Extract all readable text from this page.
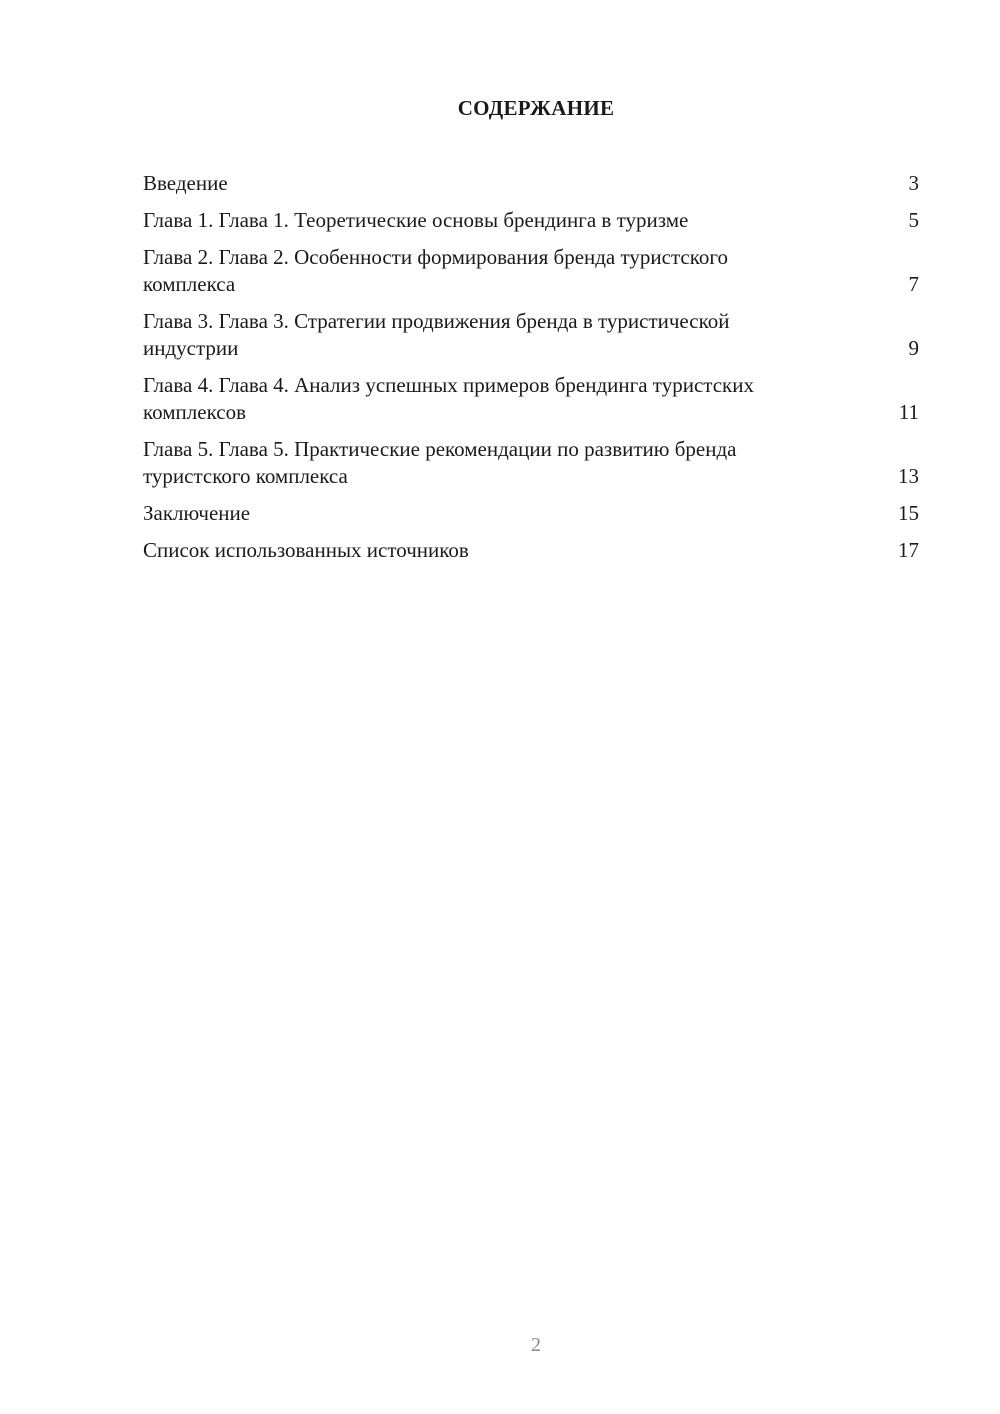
СОДЕРЖАНИЕ
Введение	3
Глава 1. Глава 1. Теоретические основы брендинга в туризме	5
Глава 2. Глава 2. Особенности формирования бренда туристского комплекса	7
Глава 3. Глава 3. Стратегии продвижения бренда в туристической индустрии	9
Глава 4. Глава 4. Анализ успешных примеров брендинга туристских комплексов	11
Глава 5. Глава 5. Практические рекомендации по развитию бренда туристского комплекса	13
Заключение	15
Список использованных источников	17
2
